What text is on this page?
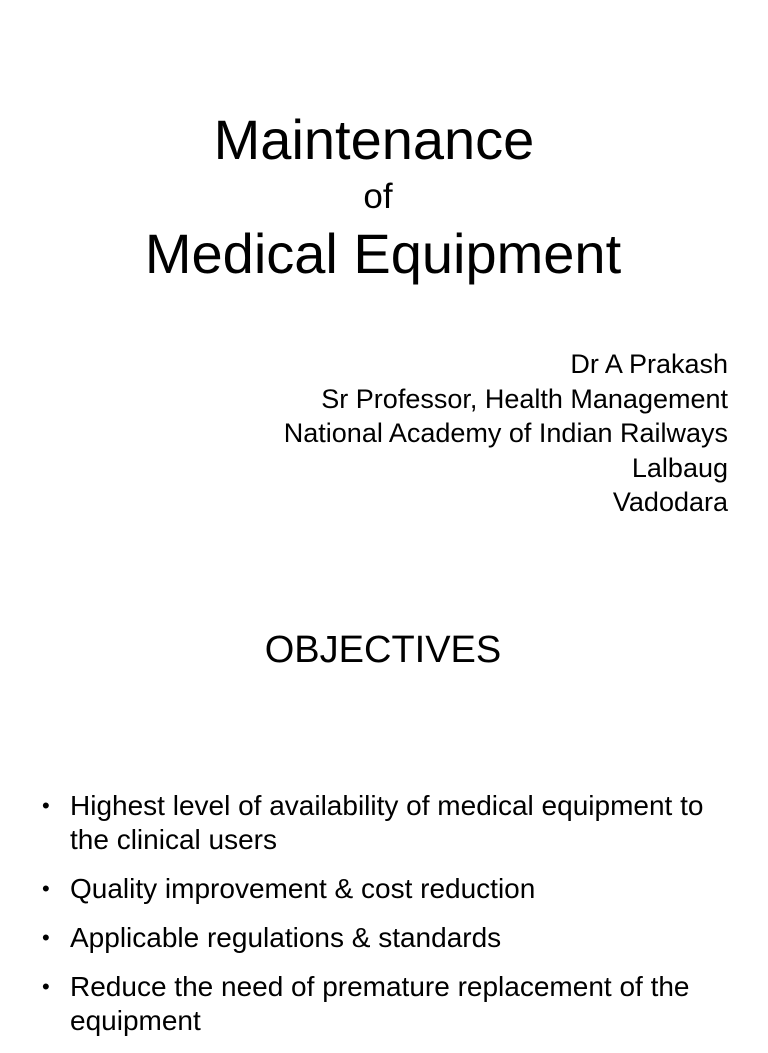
Maintenance
of
Medical Equipment
Dr A Prakash
Sr Professor, Health Management
National Academy of Indian Railways
Lalbaug
Vadodara
OBJECTIVES
• Highest level of availability of medical equipment to the clinical users
• Quality improvement & cost reduction
• Applicable regulations & standards
• Reduce the need of premature replacement of the equipment
